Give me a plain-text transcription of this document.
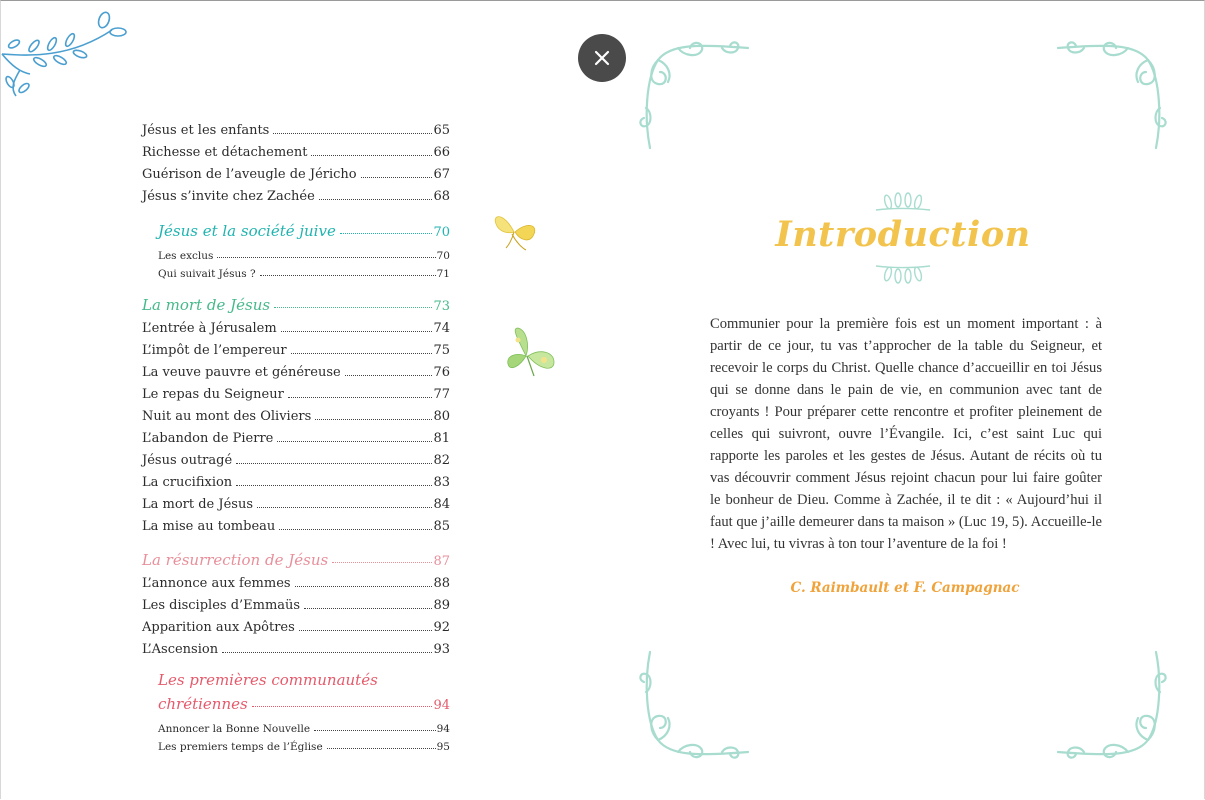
Jésus et les enfants	65
Richesse et détachement	66
Guérison de l’aveugle de Jéricho	67
Jésus s’invite chez Zachée	68
Jésus et la société juive	70
Les exclus	70
Qui suivait Jésus ?	71
La mort de Jésus	73
L’entrée à Jérusalem	74
L’impôt de l’empereur	75
La veuve pauvre et généreuse	76
Le repas du Seigneur	77
Nuit au mont des Oliviers	80
L’abandon de Pierre	81
Jésus outragé	82
La crucifixion	83
La mort de Jésus	84
La mise au tombeau	85
La résurrection de Jésus	87
L’annonce aux femmes	88
Les disciples d’Emmaüs	89
Apparition aux Apôtres	92
L’Ascension	93
Les premières communautés
chrétiennes	94
Annoncer la Bonne Nouvelle	94
Les premiers temps de l’Église	95
Introduction
Communier pour la première fois est un moment important : à partir de ce jour, tu vas t’approcher de la table du Seigneur, et recevoir le corps du Christ. Quelle chance d’accueillir en toi Jésus qui se donne dans le pain de vie, en communion avec tant de croyants ! Pour préparer cette rencontre et profiter pleinement de celles qui suivront, ouvre l’Évangile. Ici, c’est saint Luc qui rapporte les paroles et les gestes de Jésus. Autant de récits où tu vas découvrir comment Jésus rejoint chacun pour lui faire goûter le bonheur de Dieu. Comme à Zachée, il te dit : « Aujourd’hui il faut que j’aille demeurer dans ta maison » (Luc 19, 5). Accueille-le ! Avec lui, tu vivras à ton tour l’aventure de la foi !
C. Raimbault et F. Campagnac
